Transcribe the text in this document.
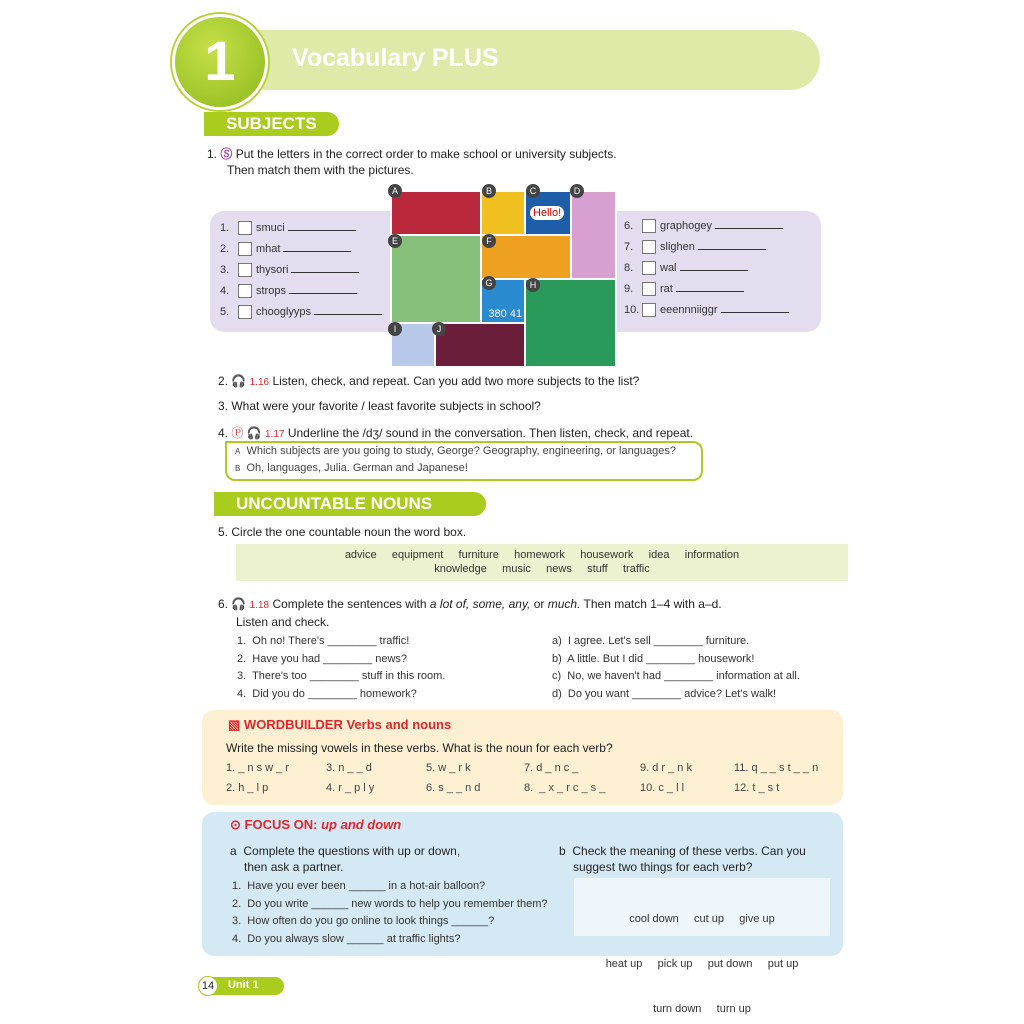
1	Vocabulary PLUS
SUBJECTS
1. Ⓢ Put the letters in the correct order to make school or university subjects.
Then match them with the pictures.
1. smuci
2. mhat
3. thysori
4. strops
5. chooglyyps
6. graphogey
7. slighen
8. wal
9. rat
10. eeennniiggr
Hello!
380 41
A	B	C	D
E	F
G	H
I	J
2. 🎧 1.16 Listen, check, and repeat. Can you add two more subjects to the list?
3. What were your favorite / least favorite subjects in school?
4. Ⓟ 🎧 1.17 Underline the /dʒ/ sound in the conversation. Then listen, check, and repeat.
A Which subjects are you going to study, George? Geography, engineering, or languages?
B Oh, languages, Julia. German and Japanese!
UNCOUNTABLE NOUNS
5. Circle the one countable noun the word box.
advice     equipment     furniture     homework     housework     idea     information
knowledge     music     news     stuff     traffic
6. 🎧 1.18 Complete the sentences with a lot of, some, any, or much. Then match 1–4 with a–d.
Listen and check.
1.  Oh no! There's ________ traffic!
2.  Have you had ________ news?
3.  There's too ________ stuff in this room.
4.  Did you do ________ homework?
a)  I agree. Let's sell ________ furniture.
b)  A little. But I did ________ housework!
c)  No, we haven't had ________ information at all.
d)  Do you want ________ advice? Let's walk!
▧ WORDBUILDER Verbs and nouns
Write the missing vowels in these verbs. What is the noun for each verb?
1. _ n s w _ r	3. n _ _ d	5. w _ r k	7. d _ n c _	9. d r _ n k	11. q _ _ s t _ _ n
2. h _ l p	4. r _ p l y	6. s _ _ n d	8.  _ x _ r c _ s _	10. c _ l l	12. t _ s t
⊙ FOCUS ON: up and down
a Complete the questions with up or down,
then ask a partner.
1.  Have you ever been ______ in a hot-air balloon?
2.  Do you write ______ new words to help you remember them?
3.  How often do you go online to look things ______?
4.  Do you always slow ______ at traffic lights?
b Check the meaning of these verbs. Can you
suggest two things for each verb?

cool down     cut up     give up

heat up     pick up     put down     put up

turn down     turn up

14	Unit 1
